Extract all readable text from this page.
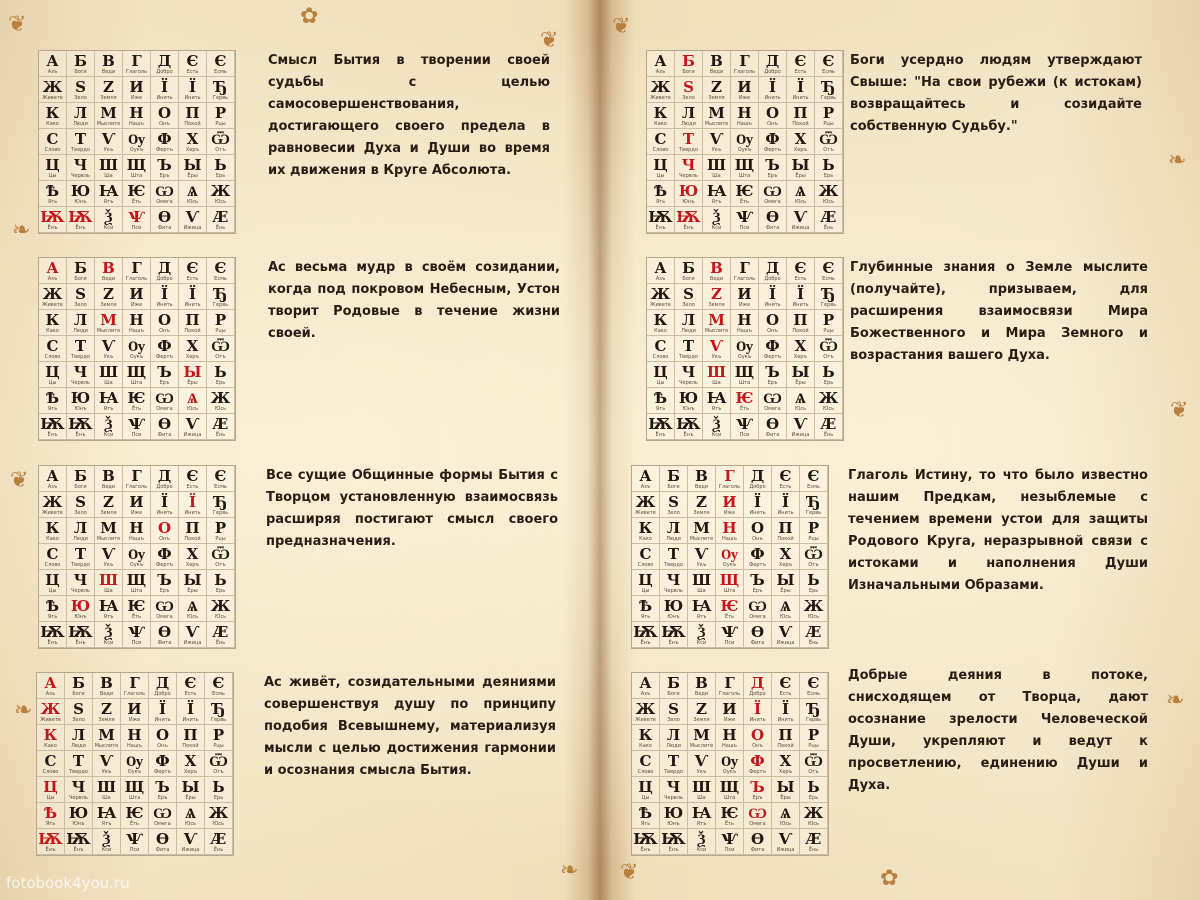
❦
❧
❦
❧
✿
❦
❧
❦
❧
❦
❧
✿
❦
А
Азъ
Б
Боги
В
Веди
Г
Глаголь
Д
Добро
Є
Есть
Є
Есмь
Ж
Живете
Ѕ
Зело
Z
Земля
И
Иже
Ї
Инить
Ї
Инить
Ђ
Гервь
К
Како
Л
Люди
М
Мыслите
Н
Нашъ
О
Онъ
П
Покой
Р
Рцы
С
Слово
Т
Твердо
Ѵ
Укъ
Ѹ
Оукъ
Ф
Фертъ
Х
Херъ
Ѿ
Отъ
Ц
Цы
Ч
Червль
Ш
Ша
Щ
Шта
Ъ
Еръ
Ы
Ёры
Ь
Ерь
Ѣ
Ять
Ю
Юнъ
Ꙗ
Ятъ
Ѥ
Ёть
Ѡ
Омега
Ѧ
Юсь
Ж
Юсь
Ѭ
Ёнъ
Ѭ
Ёнъ
Ѯ
Кси
Ѱ
Пси
Ѳ
Фита
Ѵ
Ижица
Æ
Ёнь
Смысл Бытия в творении своей судьбы с целью самосовершенствования, достигающего своего предела в равновесии Духа и Души во время их движения в Круге Абсолюта.
А
Азъ
Б
Боги
В
Веди
Г
Глаголь
Д
Добро
Є
Есть
Є
Есмь
Ж
Живете
Ѕ
Зело
Z
Земля
И
Иже
Ї
Инить
Ї
Инить
Ђ
Гервь
К
Како
Л
Люди
М
Мыслите
Н
Нашъ
О
Онъ
П
Покой
Р
Рцы
С
Слово
Т
Твердо
Ѵ
Укъ
Ѹ
Оукъ
Ф
Фертъ
Х
Херъ
Ѿ
Отъ
Ц
Цы
Ч
Червль
Ш
Ша
Щ
Шта
Ъ
Еръ
Ы
Ёры
Ь
Ерь
Ѣ
Ять
Ю
Юнъ
Ꙗ
Ятъ
Ѥ
Ёть
Ѡ
Омега
Ѧ
Юсь
Ж
Юсь
Ѭ
Ёнъ
Ѭ
Ёнъ
Ѯ
Кси
Ѱ
Пси
Ѳ
Фита
Ѵ
Ижица
Æ
Ёнь
Ас весьма мудр в своём созидании, когда под покровом Небесным, Устон творит Родовые в течение жизни своей.
А
Азъ
Б
Боги
В
Веди
Г
Глаголь
Д
Добро
Є
Есть
Є
Есмь
Ж
Живете
Ѕ
Зело
Z
Земля
И
Иже
Ї
Инить
Ї
Инить
Ђ
Гервь
К
Како
Л
Люди
М
Мыслите
Н
Нашъ
О
Онъ
П
Покой
Р
Рцы
С
Слово
Т
Твердо
Ѵ
Укъ
Ѹ
Оукъ
Ф
Фертъ
Х
Херъ
Ѿ
Отъ
Ц
Цы
Ч
Червль
Ш
Ша
Щ
Шта
Ъ
Еръ
Ы
Ёры
Ь
Ерь
Ѣ
Ять
Ю
Юнъ
Ꙗ
Ятъ
Ѥ
Ёть
Ѡ
Омега
Ѧ
Юсь
Ж
Юсь
Ѭ
Ёнъ
Ѭ
Ёнъ
Ѯ
Кси
Ѱ
Пси
Ѳ
Фита
Ѵ
Ижица
Æ
Ёнь
Все сущие Общинные формы Бытия с Творцом установленную взаимосвязь расширяя постигают смысл своего предназначения.
А
Азъ
Б
Боги
В
Веди
Г
Глаголь
Д
Добро
Є
Есть
Є
Есмь
Ж
Живете
Ѕ
Зело
Z
Земля
И
Иже
Ї
Инить
Ї
Инить
Ђ
Гервь
К
Како
Л
Люди
М
Мыслите
Н
Нашъ
О
Онъ
П
Покой
Р
Рцы
С
Слово
Т
Твердо
Ѵ
Укъ
Ѹ
Оукъ
Ф
Фертъ
Х
Херъ
Ѿ
Отъ
Ц
Цы
Ч
Червль
Ш
Ша
Щ
Шта
Ъ
Еръ
Ы
Ёры
Ь
Ерь
Ѣ
Ять
Ю
Юнъ
Ꙗ
Ятъ
Ѥ
Ёть
Ѡ
Омега
Ѧ
Юсь
Ж
Юсь
Ѭ
Ёнъ
Ѭ
Ёнъ
Ѯ
Кси
Ѱ
Пси
Ѳ
Фита
Ѵ
Ижица
Æ
Ёнь
Ас живёт, созидательными деяниями совершенствуя душу по принципу подобия Всевышнему, материализуя мысли с целью достижения гармонии и осознания смысла Бытия.
А
Азъ
Б
Боги
В
Веди
Г
Глаголь
Д
Добро
Є
Есть
Є
Есмь
Ж
Живете
Ѕ
Зело
Z
Земля
И
Иже
Ї
Инить
Ї
Инить
Ђ
Гервь
К
Како
Л
Люди
М
Мыслите
Н
Нашъ
О
Онъ
П
Покой
Р
Рцы
С
Слово
Т
Твердо
Ѵ
Укъ
Ѹ
Оукъ
Ф
Фертъ
Х
Херъ
Ѿ
Отъ
Ц
Цы
Ч
Червль
Ш
Ша
Щ
Шта
Ъ
Еръ
Ы
Ёры
Ь
Ерь
Ѣ
Ять
Ю
Юнъ
Ꙗ
Ятъ
Ѥ
Ёть
Ѡ
Омега
Ѧ
Юсь
Ж
Юсь
Ѭ
Ёнъ
Ѭ
Ёнъ
Ѯ
Кси
Ѱ
Пси
Ѳ
Фита
Ѵ
Ижица
Æ
Ёнь
Боги усердно людям утверждают Свыше: "На свои рубежи (к истокам) возвращайтесь и созидайте собственную Судьбу."
А
Азъ
Б
Боги
В
Веди
Г
Глаголь
Д
Добро
Є
Есть
Є
Есмь
Ж
Живете
Ѕ
Зело
Z
Земля
И
Иже
Ї
Инить
Ї
Инить
Ђ
Гервь
К
Како
Л
Люди
М
Мыслите
Н
Нашъ
О
Онъ
П
Покой
Р
Рцы
С
Слово
Т
Твердо
Ѵ
Укъ
Ѹ
Оукъ
Ф
Фертъ
Х
Херъ
Ѿ
Отъ
Ц
Цы
Ч
Червль
Ш
Ша
Щ
Шта
Ъ
Еръ
Ы
Ёры
Ь
Ерь
Ѣ
Ять
Ю
Юнъ
Ꙗ
Ятъ
Ѥ
Ёть
Ѡ
Омега
Ѧ
Юсь
Ж
Юсь
Ѭ
Ёнъ
Ѭ
Ёнъ
Ѯ
Кси
Ѱ
Пси
Ѳ
Фита
Ѵ
Ижица
Æ
Ёнь
Глубинные знания о Земле мыслите (получайте), призываем, для расширения взаимосвязи Мира Божественного и Мира Земного и возрастания вашего Духа.
А
Азъ
Б
Боги
В
Веди
Г
Глаголь
Д
Добро
Є
Есть
Є
Есмь
Ж
Живете
Ѕ
Зело
Z
Земля
И
Иже
Ї
Инить
Ї
Инить
Ђ
Гервь
К
Како
Л
Люди
М
Мыслите
Н
Нашъ
О
Онъ
П
Покой
Р
Рцы
С
Слово
Т
Твердо
Ѵ
Укъ
Ѹ
Оукъ
Ф
Фертъ
Х
Херъ
Ѿ
Отъ
Ц
Цы
Ч
Червль
Ш
Ша
Щ
Шта
Ъ
Еръ
Ы
Ёры
Ь
Ерь
Ѣ
Ять
Ю
Юнъ
Ꙗ
Ятъ
Ѥ
Ёть
Ѡ
Омега
Ѧ
Юсь
Ж
Юсь
Ѭ
Ёнъ
Ѭ
Ёнъ
Ѯ
Кси
Ѱ
Пси
Ѳ
Фита
Ѵ
Ижица
Æ
Ёнь
Глаголь Истину, то что было известно нашим Предкам, незыблемые с течением времени устои для защиты Родового Круга, неразрывной связи с истоками и наполнения Души Изначальными Образами.
А
Азъ
Б
Боги
В
Веди
Г
Глаголь
Д
Добро
Є
Есть
Є
Есмь
Ж
Живете
Ѕ
Зело
Z
Земля
И
Иже
Ї
Инить
Ї
Инить
Ђ
Гервь
К
Како
Л
Люди
М
Мыслите
Н
Нашъ
О
Онъ
П
Покой
Р
Рцы
С
Слово
Т
Твердо
Ѵ
Укъ
Ѹ
Оукъ
Ф
Фертъ
Х
Херъ
Ѿ
Отъ
Ц
Цы
Ч
Червль
Ш
Ша
Щ
Шта
Ъ
Еръ
Ы
Ёры
Ь
Ерь
Ѣ
Ять
Ю
Юнъ
Ꙗ
Ятъ
Ѥ
Ёть
Ѡ
Омега
Ѧ
Юсь
Ж
Юсь
Ѭ
Ёнъ
Ѭ
Ёнъ
Ѯ
Кси
Ѱ
Пси
Ѳ
Фита
Ѵ
Ижица
Æ
Ёнь
Добрые деяния в потоке, снисходящем от Творца, дают осознание зрелости Человеческой Души, укрепляют и ведут к просветлению, единению Души и Духа.
fotobook4you.ru
